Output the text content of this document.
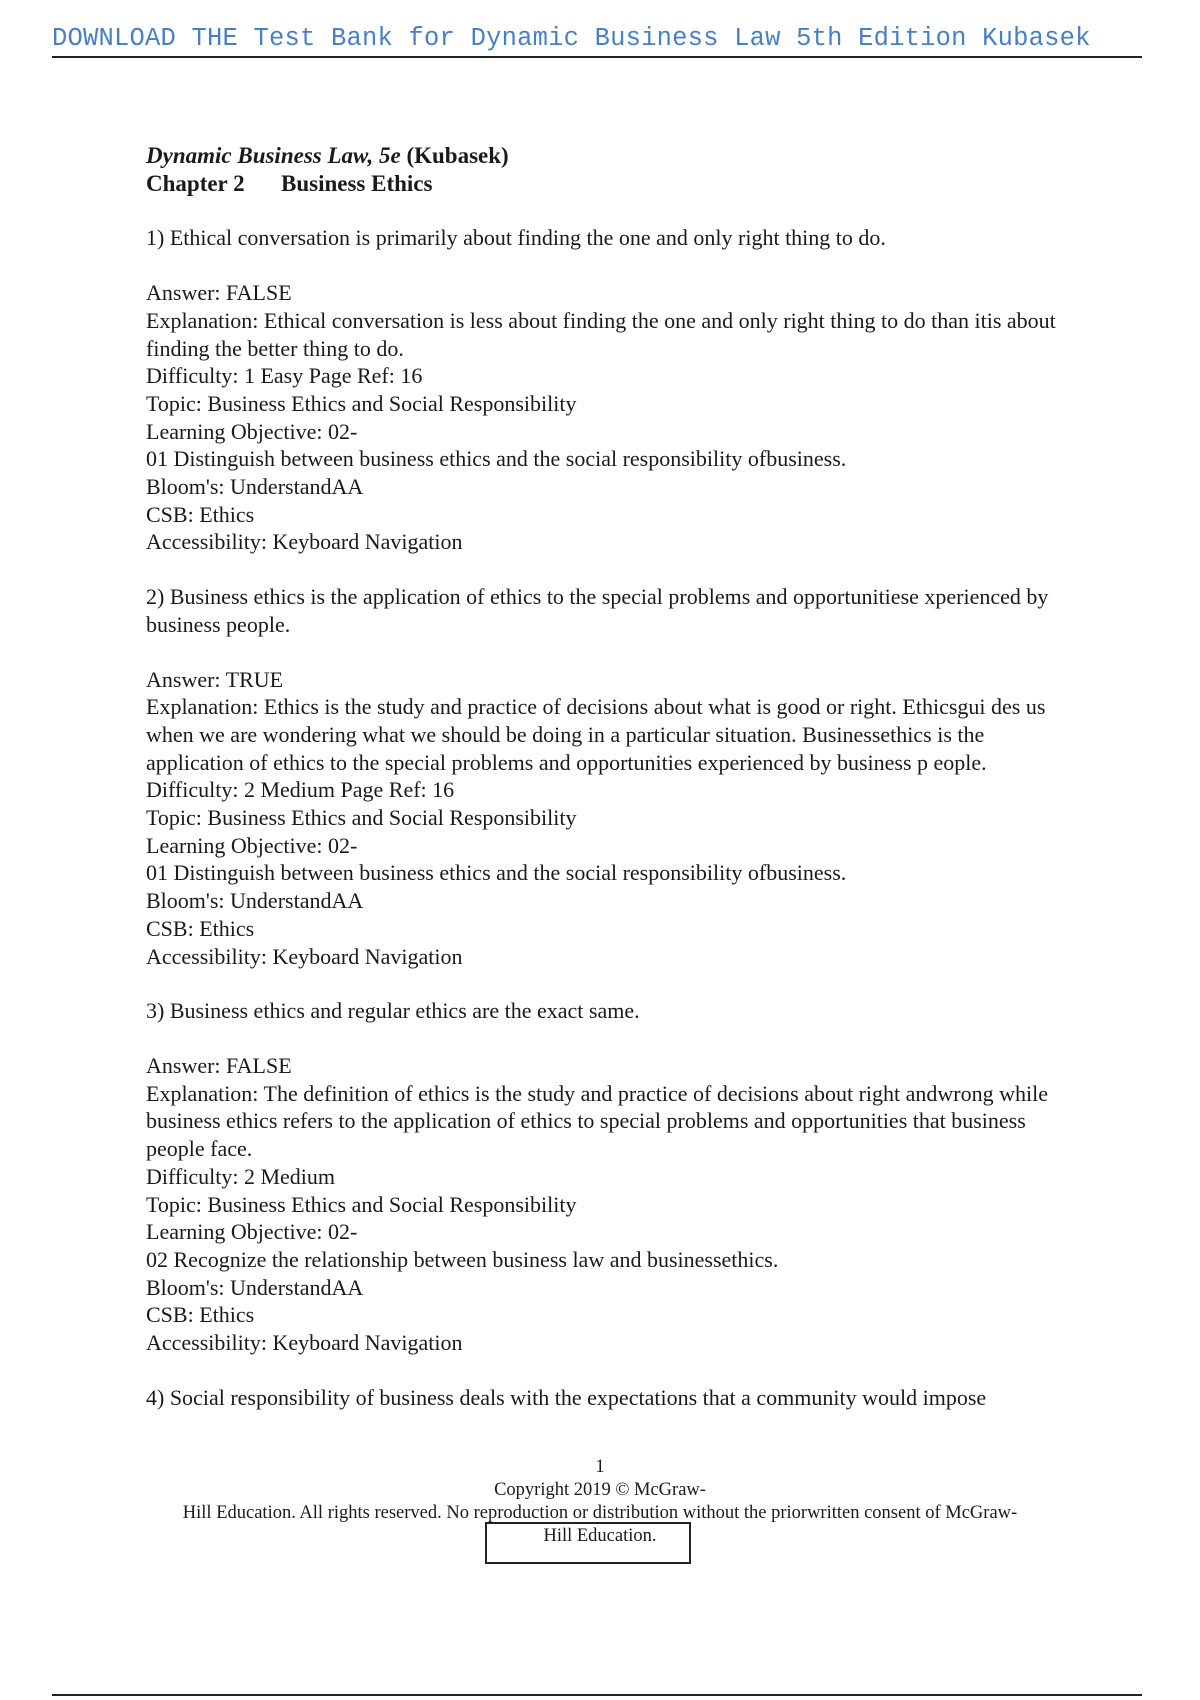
DOWNLOAD THE Test Bank for Dynamic Business Law 5th Edition Kubasek
Dynamic Business Law, 5e (Kubasek)
Chapter 2 Business Ethics
1) Ethical conversation is primarily about finding the one and only right thing to do.
Answer: FALSE
Explanation: Ethical conversation is less about finding the one and only right thing to do than itis about finding the better thing to do.
Difficulty: 1 Easy Page Ref: 16
Topic: Business Ethics and Social Responsibility
Learning Objective: 02-
01 Distinguish between business ethics and the social responsibility ofbusiness.
Bloom's: UnderstandAA
CSB: Ethics
Accessibility: Keyboard Navigation
2) Business ethics is the application of ethics to the special problems and opportunitiese xperienced by business people.
Answer: TRUE
Explanation: Ethics is the study and practice of decisions about what is good or right. Ethicsgui des us when we are wondering what we should be doing in a particular situation. Businessethics is the application of ethics to the special problems and opportunities experienced by business p eople.
Difficulty: 2 Medium Page Ref: 16
Topic: Business Ethics and Social Responsibility
Learning Objective: 02-
01 Distinguish between business ethics and the social responsibility ofbusiness.
Bloom's: UnderstandAA
CSB: Ethics
Accessibility: Keyboard Navigation
3) Business ethics and regular ethics are the exact same.
Answer: FALSE
Explanation: The definition of ethics is the study and practice of decisions about right andwrong while business ethics refers to the application of ethics to special problems and opportunities that business people face.
Difficulty: 2 Medium
Topic: Business Ethics and Social Responsibility
Learning Objective: 02-
02 Recognize the relationship between business law and businessethics.
Bloom's: UnderstandAA
CSB: Ethics
Accessibility: Keyboard Navigation
4) Social responsibility of business deals with the expectations that a community would impose
1
Copyright 2019 © McGraw-
Hill Education. All rights reserved. No reproduction or distribution without the priorwritten consent of McGraw-
Hill Education.
